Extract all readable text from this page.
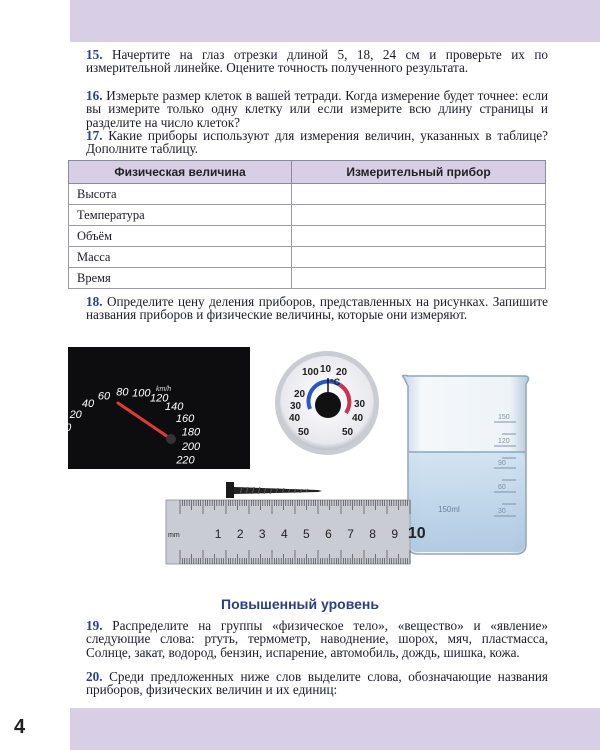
4
15. Начертите на глаз отрезки длиной 5, 18, 24 см и проверьте их по измерительной линейке. Оцените точность полученного результата.
16. Измерьте размер клеток в вашей тетради. Когда измерение будет точнее: если вы измерите только одну клетку или если измерите всю длину страницы и разделите на число клеток?
17. Какие приборы используют для измерения величин, указанных в таблице? Дополните таблицу.
Физическая величина	Измерительный прибор
Высота	
Температура	
Объём	
Масса	
Время	
18. Определите цену деления приборов, представленных на рисунках. Запишите названия приборов и физические величины, которые они измеряют.
0
20
40
60 80 100 120
140
160
180
200
220
km/h
°C
20
30
40
50
100 10 20
30
40
50
150
120
90
60
30
150ml
mm	1 2 3 4 5 6 7 8 9 10
Повышенный уровень
19. Распределите на группы «физическое тело», «вещество» и «явление» следующие слова: ртуть, термометр, наводнение, шорох, мяч, пластмасса, Солнце, закат, водород, бензин, испарение, автомобиль, дождь, шишка, кожа.
20. Среди предложенных ниже слов выделите слова, обозначающие названия приборов, физических величин и их единиц:
